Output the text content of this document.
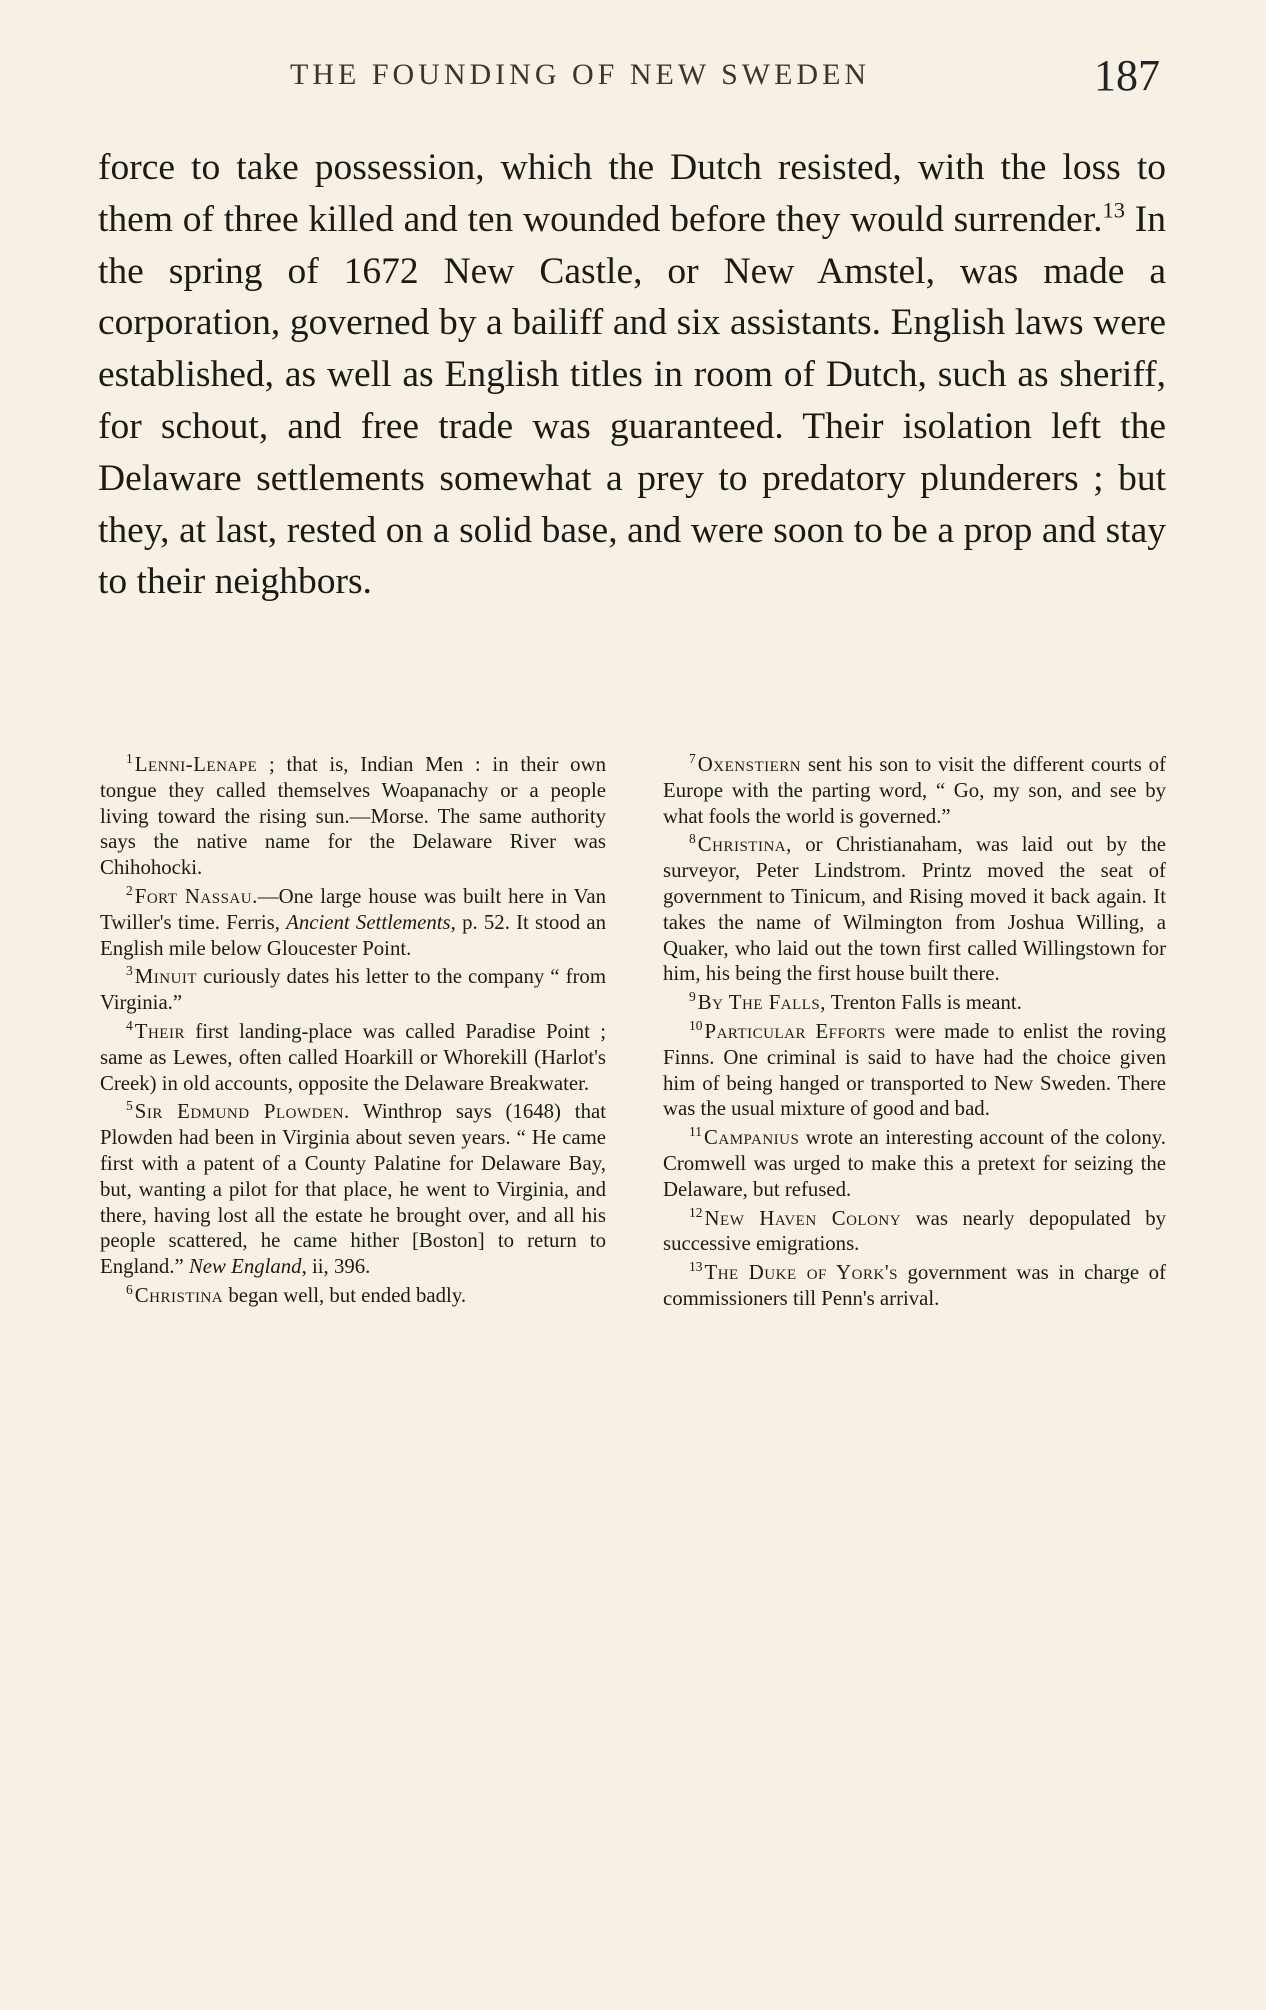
THE FOUNDING OF NEW SWEDEN	187

force to take possession, which the Dutch resisted, with the loss to them of three killed and ten wounded before they would surrender.$^{13}$ In the spring of 1672 New Castle, or New Amstel, was made a corporation, governed by a bailiff and six assistants. English laws were established, as well as English titles in room of Dutch, such as sheriff, for schout, and free trade was guaranteed. Their isolation left the Delaware settlements somewhat a prey to predatory plunderers ; but they, at last, rested on a solid base, and were soon to be a prop and stay to their neighbors.

$^1$Lenni-Lenape ; that is, Indian Men : in their own tongue they called themselves Woapanachy or a people living toward the rising sun.—Morse. The same authority says the native name for the Delaware River was Chihohocki.

$^2$Fort Nassau.—One large house was built here in Van Twiller's time. Ferris, Ancient Settlements, p. 52. It stood an English mile below Gloucester Point.

$^3$Minuit curiously dates his letter to the company “ from Virginia.”

$^4$Their first landing-place was called Paradise Point ; same as Lewes, often called Hoarkill or Whorekill (Harlot's Creek) in old accounts, opposite the Delaware Breakwater.

$^5$Sir Edmund Plowden. Winthrop says (1648) that Plowden had been in Virginia about seven years. “ He came first with a patent of a County Palatine for Delaware Bay, but, wanting a pilot for that place, he went to Virginia, and there, having lost all the estate he brought over, and all his people scattered, he came hither [Boston] to return to England.” New England, ii, 396.

$^6$Christina began well, but ended badly.

$^7$Oxenstiern sent his son to visit the different courts of Europe with the parting word, “ Go, my son, and see by what fools the world is governed.”

$^8$Christina, or Christianaham, was laid out by the surveyor, Peter Lindstrom. Printz moved the seat of government to Tinicum, and Rising moved it back again. It takes the name of Wilmington from Joshua Willing, a Quaker, who laid out the town first called Willingstown for him, his being the first house built there.

$^9$By The Falls, Trenton Falls is meant.

$^{10}$Particular Efforts were made to enlist the roving Finns. One criminal is said to have had the choice given him of being hanged or transported to New Sweden. There was the usual mixture of good and bad.

$^{11}$Campanius wrote an interesting account of the colony. Cromwell was urged to make this a pretext for seizing the Delaware, but refused.

$^{12}$New Haven Colony was nearly depopulated by successive emigrations.

$^{13}$The Duke of York's government was in charge of commissioners till Penn's arrival.
